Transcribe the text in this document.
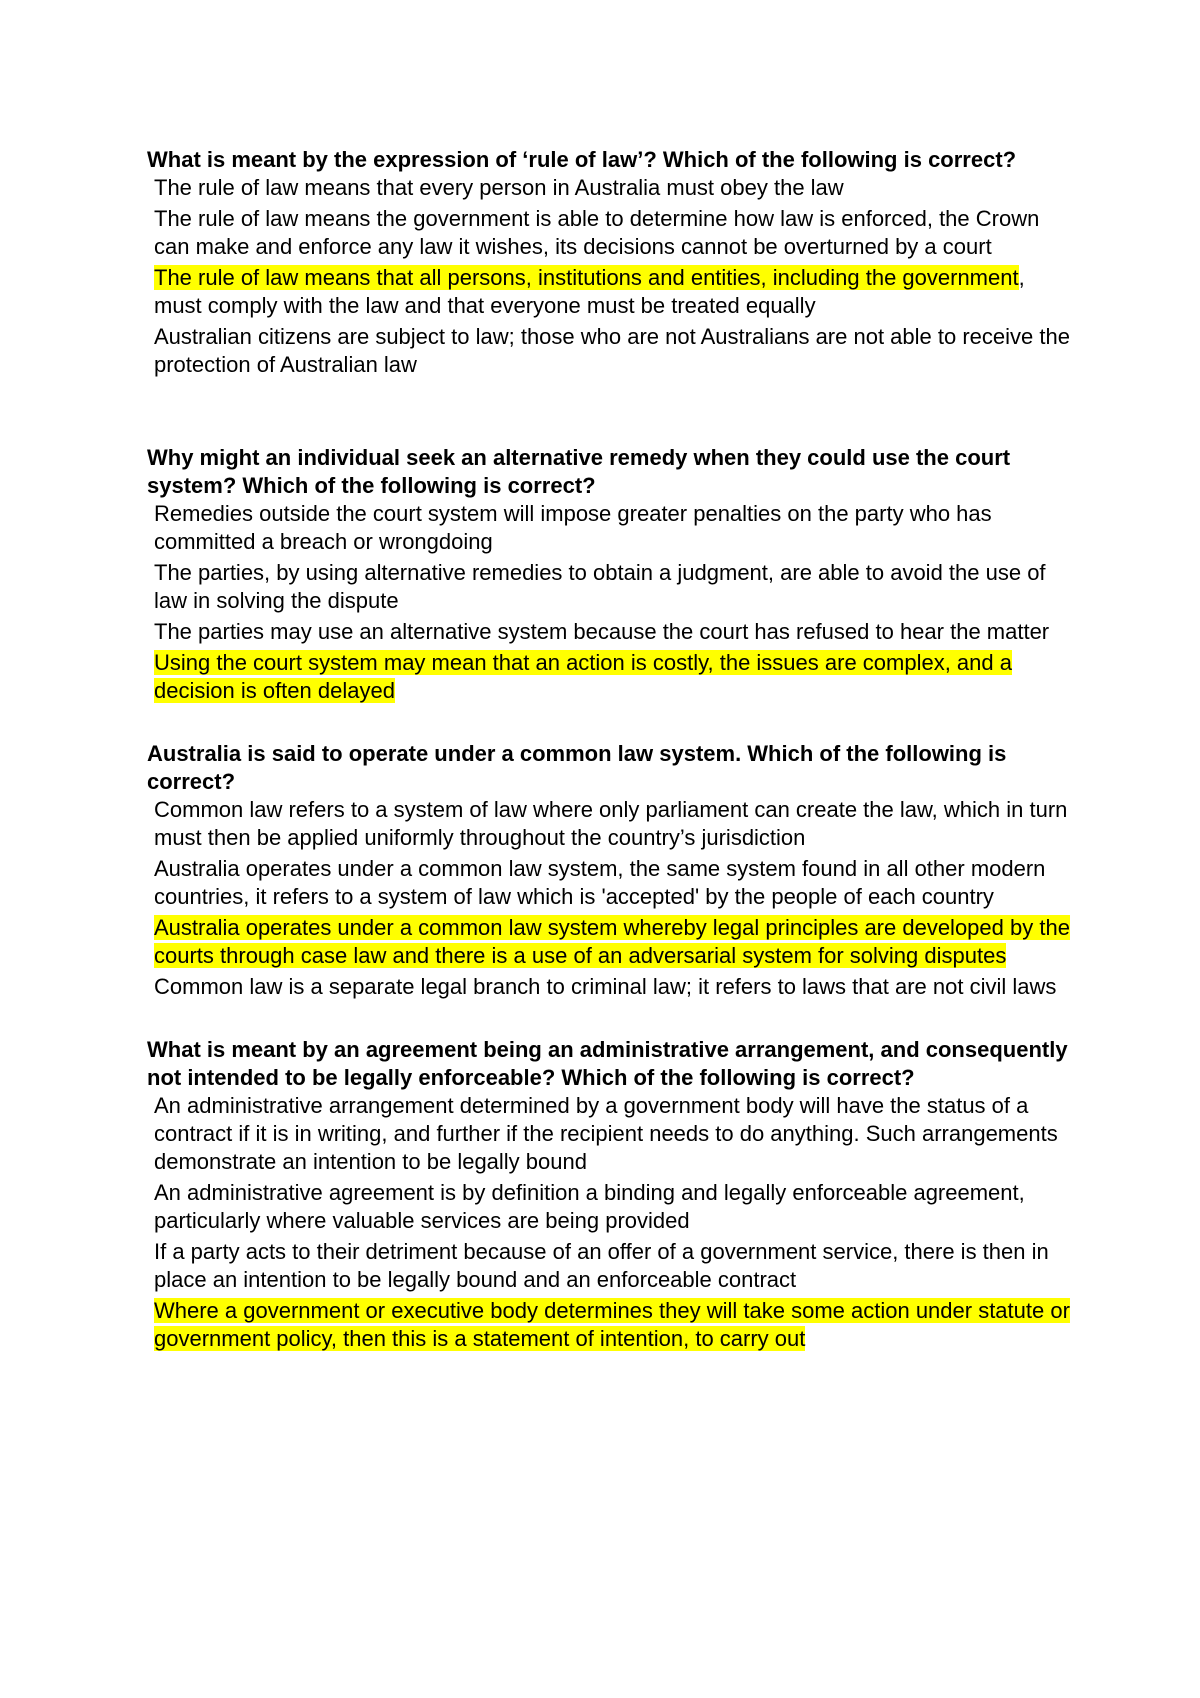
What is meant by the expression of ‘rule of law’? Which of the following is correct?

The rule of law means that every person in Australia must obey the law
The rule of law means the government is able to determine how law is enforced, the Crown can make and enforce any law it wishes, its decisions cannot be overturned by a court
The rule of law means that all persons, institutions and entities, including the government, must comply with the law and that everyone must be treated equally
Australian citizens are subject to law; those who are not Australians are not able to receive the protection of Australian law

Why might an individual seek an alternative remedy when they could use the court system? Which of the following is correct?

Remedies outside the court system will impose greater penalties on the party who has committed a breach or wrongdoing
The parties, by using alternative remedies to obtain a judgment, are able to avoid the use of law in solving the dispute
The parties may use an alternative system because the court has refused to hear the matter
Using the court system may mean that an action is costly, the issues are complex, and a decision is often delayed

Australia is said to operate under a common law system. Which of the following is correct?

Common law refers to a system of law where only parliament can create the law, which in turn must then be applied uniformly throughout the country’s jurisdiction
Australia operates under a common law system, the same system found in all other modern countries, it refers to a system of law which is 'accepted' by the people of each country
Australia operates under a common law system whereby legal principles are developed by the courts through case law and there is a use of an adversarial system for solving disputes
Common law is a separate legal branch to criminal law; it refers to laws that are not civil laws

What is meant by an agreement being an administrative arrangement, and consequently not intended to be legally enforceable? Which of the following is correct?

An administrative arrangement determined by a government body will have the status of a contract if it is in writing, and further if the recipient needs to do anything. Such arrangements demonstrate an intention to be legally bound
An administrative agreement is by definition a binding and legally enforceable agreement, particularly where valuable services are being provided
If a party acts to their detriment because of an offer of a government service, there is then in place an intention to be legally bound and an enforceable contract
Where a government or executive body determines they will take some action under statute or government policy, then this is a statement of intention, to carry out
